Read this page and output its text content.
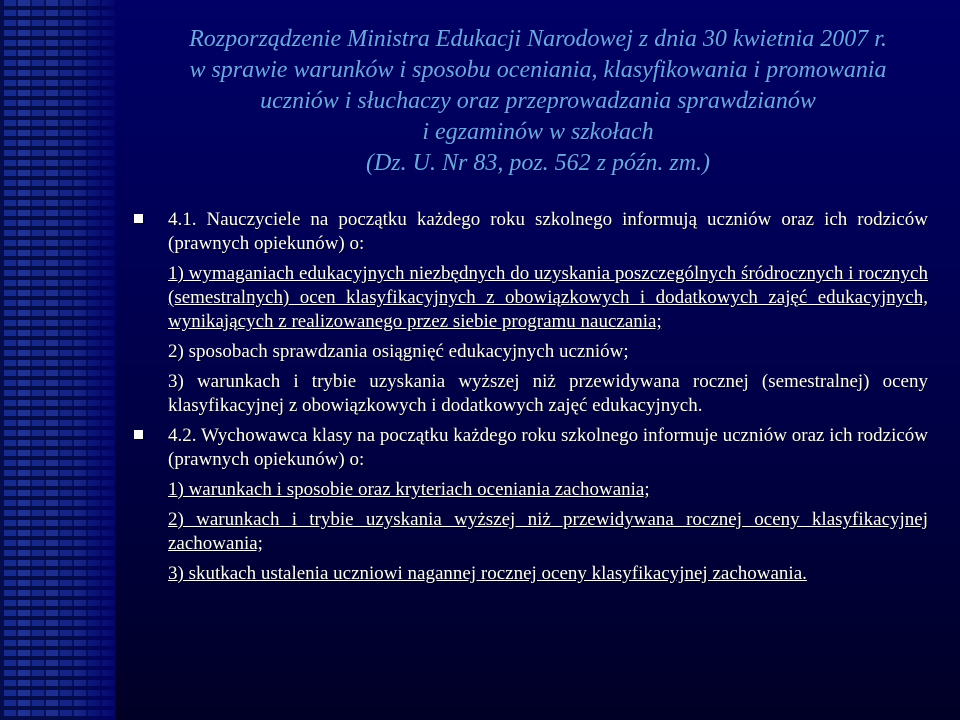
Rozporządzenie Ministra Edukacji Narodowej z dnia 30 kwietnia 2007 r.
w sprawie warunków i sposobu oceniania, klasyfikowania i promowania
uczniów i słuchaczy oraz przeprowadzania sprawdzianów
i egzaminów w szkołach
(Dz. U. Nr 83, poz. 562 z późn. zm.)
4.1. Nauczyciele na początku każdego roku szkolnego informują uczniów oraz ich rodziców (prawnych opiekunów) o:
1) wymaganiach edukacyjnych niezbędnych do uzyskania poszczególnych śródrocznych i rocznych (semestralnych) ocen klasyfikacyjnych z obowiązkowych i dodatkowych zajęć edukacyjnych, wynikających z realizowanego przez siebie programu nauczania;
2) sposobach sprawdzania osiągnięć edukacyjnych uczniów;
3) warunkach i trybie uzyskania wyższej niż przewidywana rocznej (semestralnej) oceny klasyfikacyjnej z obowiązkowych i dodatkowych zajęć edukacyjnych.
4.2. Wychowawca klasy na początku każdego roku szkolnego informuje uczniów oraz ich rodziców (prawnych opiekunów) o:
1) warunkach i sposobie oraz kryteriach oceniania zachowania;
2) warunkach i trybie uzyskania wyższej niż przewidywana rocznej oceny klasyfikacyjnej zachowania;
3) skutkach ustalenia uczniowi nagannej rocznej oceny klasyfikacyjnej zachowania.
